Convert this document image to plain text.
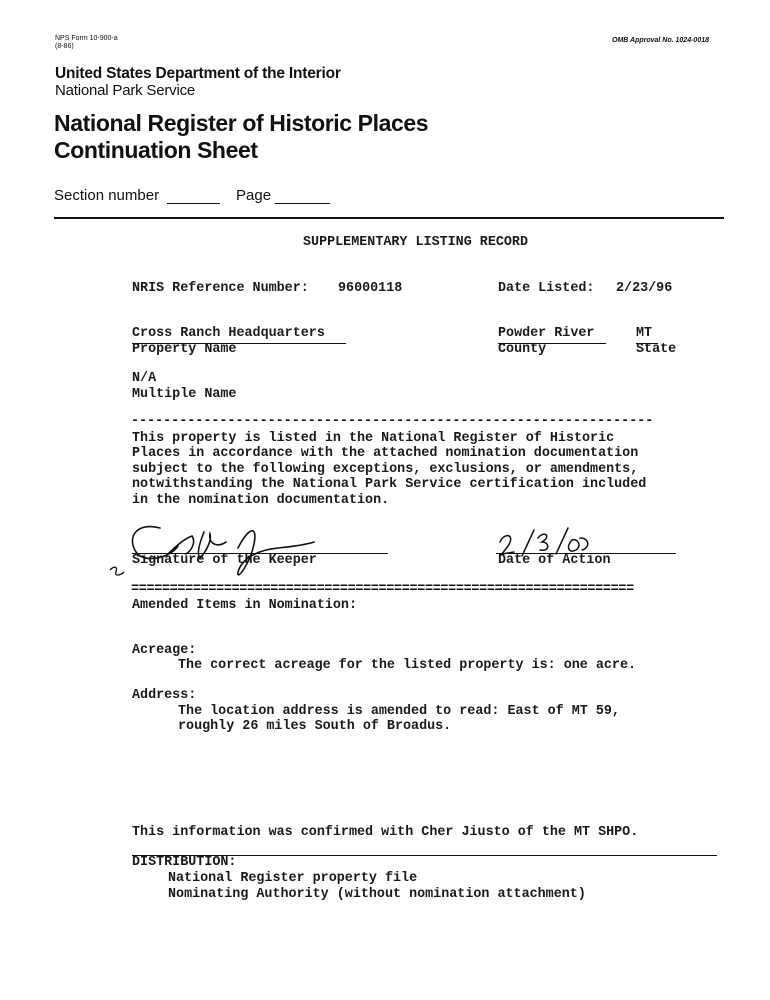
NPS Form 10-900-a
(8-86)
OMB Approval No. 1024-0018
United States Department of the Interior
National Park Service
National Register of Historic Places
Continuation Sheet
Section number	Page
SUPPLEMENTARY LISTING RECORD
NRIS Reference Number: 96000118	Date Listed: 2/23/96
Cross Ranch Headquarters
Property Name
Powder River
County
MT
State
N/A
Multiple Name
-----------------------------------------------------------------
This property is listed in the National Register of Historic
Places in accordance with the attached nomination documentation
subject to the following exceptions, exclusions, or amendments,
notwithstanding the National Park Service certification included
in the nomination documentation.
Signature of the Keeper	Date of Action
=================================================================
Amended Items in Nomination:
Acreage:
The correct acreage for the listed property is: one acre.
Address:
The location address is amended to read: East of MT 59,
roughly 26 miles South of Broadus.
This information was confirmed with Cher Jiusto of the MT SHPO.
DISTRIBUTION:
National Register property file
Nominating Authority (without nomination attachment)
